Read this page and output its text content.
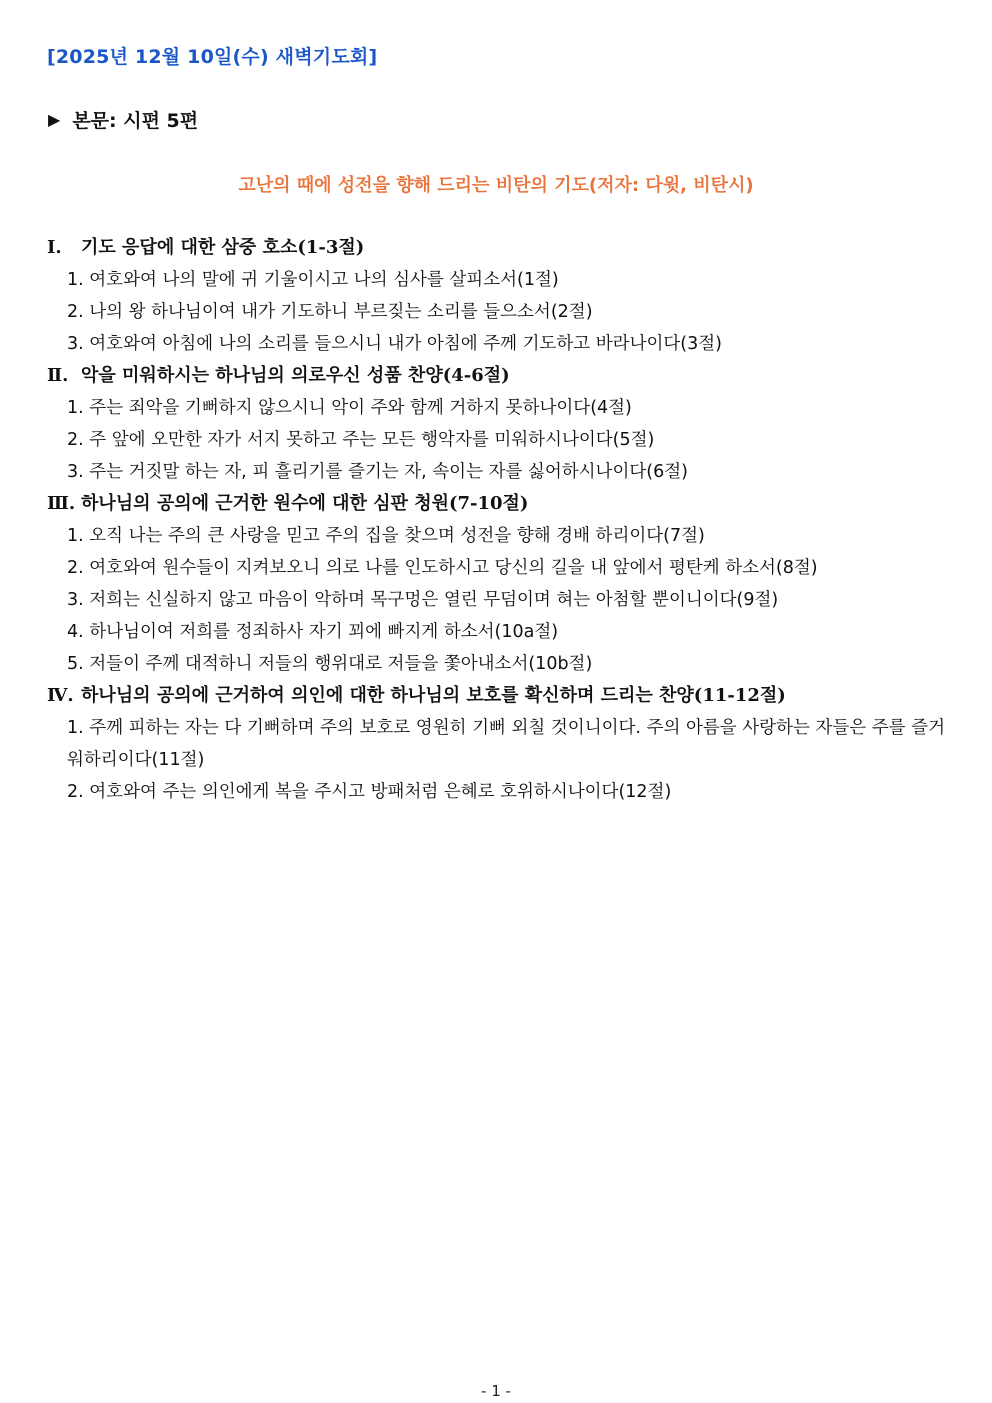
[2025년 12월 10일(수) 새벽기도회]
▶ 본문: 시편 5편
고난의 때에 성전을 향해 드리는 비탄의 기도(저자: 다윗, 비탄시)
Ⅰ. 기도 응답에 대한 삼중 호소(1-3절)
1. 여호와여 나의 말에 귀 기울이시고 나의 심사를 살피소서(1절)
2. 나의 왕 하나님이여 내가 기도하니 부르짖는 소리를 들으소서(2절)
3. 여호와여 아침에 나의 소리를 들으시니 내가 아침에 주께 기도하고 바라나이다(3절)
Ⅱ. 악을 미워하시는 하나님의 의로우신 성품 찬양(4-6절)
1. 주는 죄악을 기뻐하지 않으시니 악이 주와 함께 거하지 못하나이다(4절)
2. 주 앞에 오만한 자가 서지 못하고 주는 모든 행악자를 미워하시나이다(5절)
3. 주는 거짓말 하는 자, 피 흘리기를 즐기는 자, 속이는 자를 싫어하시나이다(6절)
Ⅲ. 하나님의 공의에 근거한 원수에 대한 심판 청원(7-10절)
1. 오직 나는 주의 큰 사랑을 믿고 주의 집을 찾으며 성전을 향해 경배 하리이다(7절)
2. 여호와여 원수들이 지켜보오니 의로 나를 인도하시고 당신의 길을 내 앞에서 평탄케 하소서(8절)
3. 저희는 신실하지 않고 마음이 악하며 목구멍은 열린 무덤이며 혀는 아첨할 뿐이니이다(9절)
4. 하나님이여 저희를 정죄하사 자기 꾀에 빠지게 하소서(10a절)
5. 저들이 주께 대적하니 저들의 행위대로 저들을 쫓아내소서(10b절)
Ⅳ. 하나님의 공의에 근거하여 의인에 대한 하나님의 보호를 확신하며 드리는 찬양(11-12절)
1. 주께 피하는 자는 다 기뻐하며 주의 보호로 영원히 기뻐 외칠 것이니이다. 주의 아름을 사랑하는 자들은 주를 즐거워하리이다(11절)
2. 여호와여 주는 의인에게 복을 주시고 방패처럼 은혜로 호위하시나이다(12절)
- 1 -
